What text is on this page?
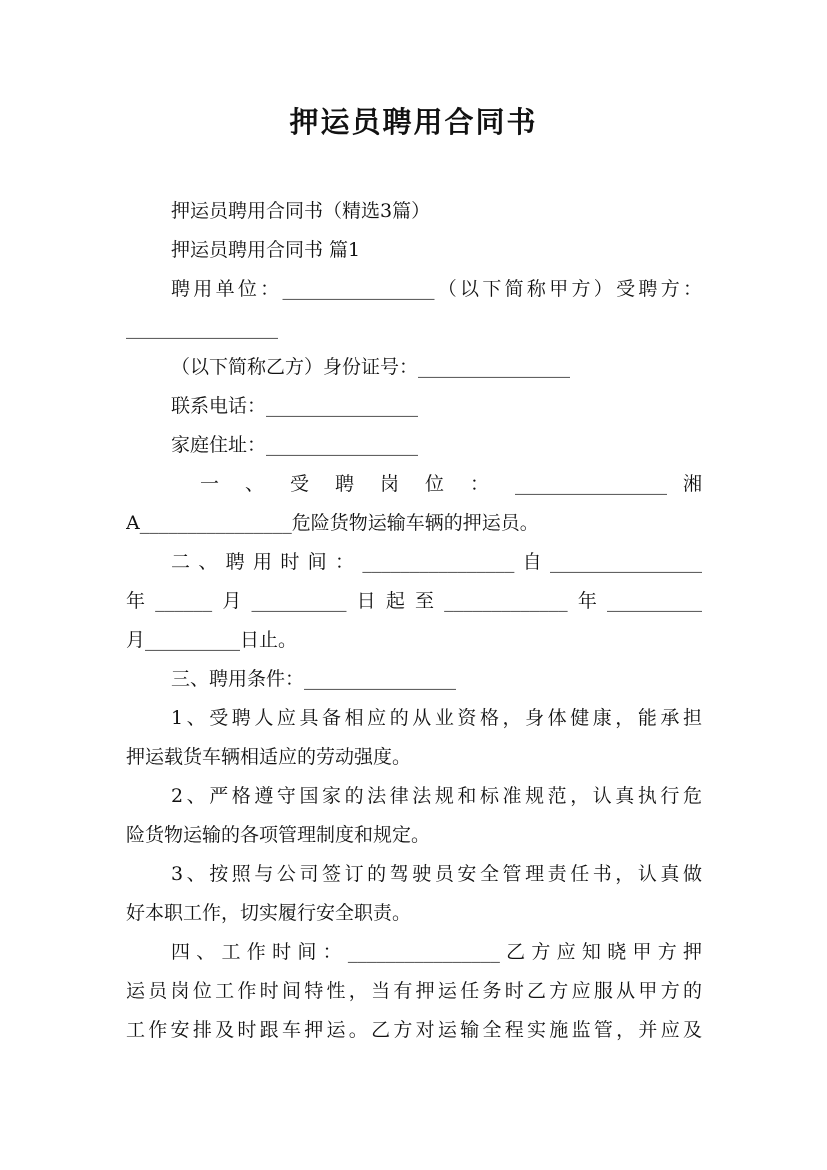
押运员聘用合同书
押运员聘用合同书（精选3篇）
押运员聘用合同书 篇1
聘用单位：________________（以下简称甲方）受聘方：
________________
（以下简称乙方）身份证号：________________
联系电话：________________
家庭住址：________________
一 、 受 聘 岗 位 ： ________________ 湘
A________________危险货物运输车辆的押运员。
二、聘用时间：________________自________________
年______月__________日起至_____________年__________
月__________日止。
三、聘用条件：________________
1、受聘人应具备相应的从业资格，身体健康，能承担
押运载货车辆相适应的劳动强度。
2、严格遵守国家的法律法规和标准规范，认真执行危
险货物运输的各项管理制度和规定。
3、按照与公司签订的驾驶员安全管理责任书，认真做
好本职工作，切实履行安全职责。
四、工作时间：________________乙方应知晓甲方押
运员岗位工作时间特性，当有押运任务时乙方应服从甲方的
工作安排及时跟车押运。乙方对运输全程实施监管，并应及
